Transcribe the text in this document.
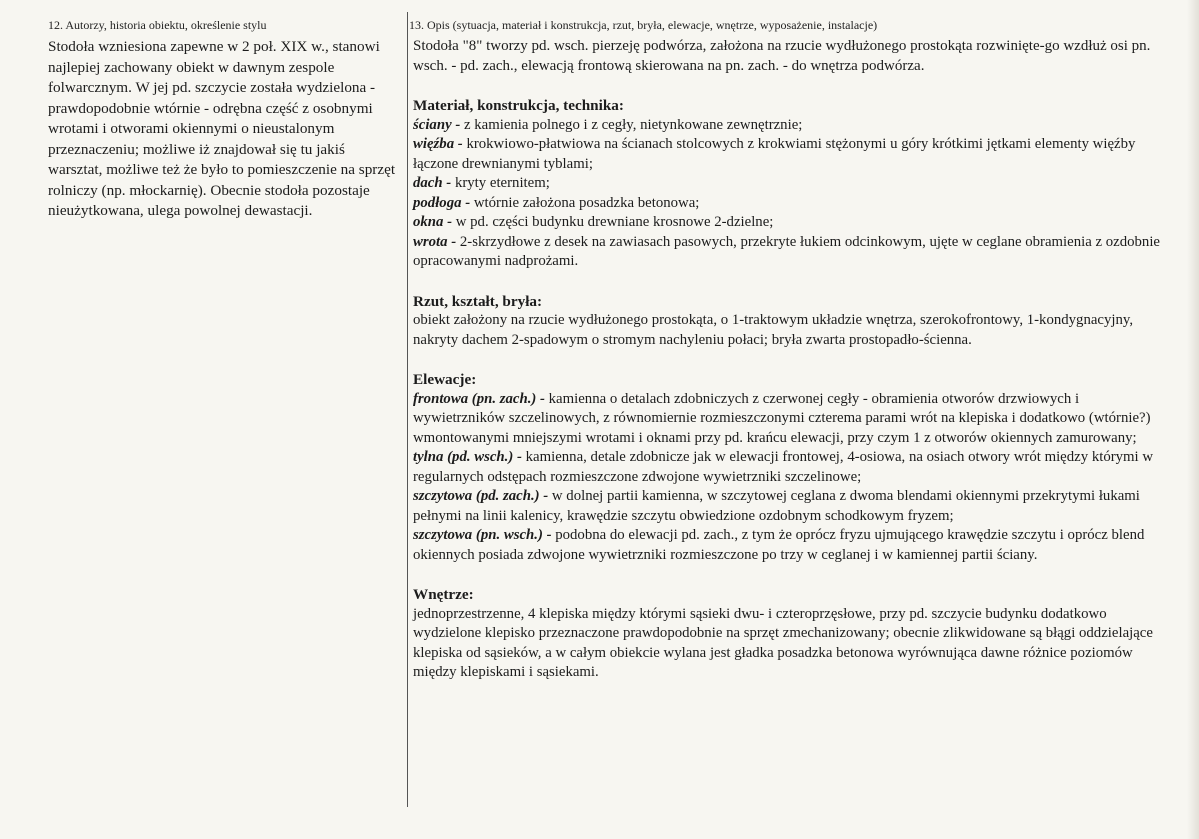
12. Autorzy, historia obiektu, określenie stylu

Stodoła wzniesiona zapewne w 2 poł. XIX w., stanowi najlepiej zachowany obiekt w dawnym zespole folwarcznym. W jej pd. szczycie została wydzielona - prawdopodobnie wtórnie - odrębna część z osobnymi wrotami i otworami okiennymi o nieustalonym przeznaczeniu; możliwe iż znajdował się tu jakiś warsztat, możliwe też że było to pomieszczenie na sprzęt rolniczy (np. młockarnię). Obecnie stodoła pozostaje nieużytkowana, ulega powolnej dewastacji.

13. Opis (sytuacja, materiał i konstrukcja, rzut, bryła, elewacje, wnętrze, wyposażenie, instalacje)

Stodoła "8" tworzy pd. wsch. pierzeję podwórza, założona na rzucie wydłużonego prostokąta rozwinięte-go wzdłuż osi pn. wsch. - pd. zach., elewacją frontową skierowana na pn. zach. - do wnętrza podwórza.

Materiał, konstrukcja, technika:

ściany - z kamienia polnego i z cegły, nietynkowane zewnętrznie;

więźba - krokwiowo-płatwiowa na ścianach stolcowych z krokwiami stężonymi u góry krótkimi jętkami elementy więźby łączone drewnianymi tyblami;

dach - kryty eternitem;

podłoga - wtórnie założona posadzka betonowa;

okna - w pd. części budynku drewniane krosnowe 2-dzielne;

wrota - 2-skrzydłowe z desek na zawiasach pasowych, przekryte łukiem odcinkowym, ujęte w ceglane obramienia z ozdobnie opracowanymi nadprożami.

Rzut, kształt, bryła:

obiekt założony na rzucie wydłużonego prostokąta, o 1-traktowym układzie wnętrza, szerokofrontowy, 1-kondygnacyjny, nakryty dachem 2-spadowym o stromym nachyleniu połaci; bryła zwarta prostopadło-ścienna.

Elewacje:

frontowa (pn. zach.) - kamienna o detalach zdobniczych z czerwonej cegły - obramienia otworów drzwiowych i wywietrzników szczelinowych, z równomiernie rozmieszczonymi czterema parami wrót na klepiska i dodatkowo (wtórnie?) wmontowanymi mniejszymi wrotami i oknami przy pd. krańcu elewacji, przy czym 1 z otworów okiennych zamurowany;

tylna (pd. wsch.) - kamienna, detale zdobnicze jak w elewacji frontowej, 4-osiowa, na osiach otwory wrót między którymi w regularnych odstępach rozmieszczone zdwojone wywietrzniki szczelinowe;

szczytowa (pd. zach.) - w dolnej partii kamienna, w szczytowej ceglana z dwoma blendami okiennymi przekrytymi łukami pełnymi na linii kalenicy, krawędzie szczytu obwiedzione ozdobnym schodkowym fryzem;

szczytowa (pn. wsch.) - podobna do elewacji pd. zach., z tym że oprócz fryzu ujmującego krawędzie szczytu i oprócz blend okiennych posiada zdwojone wywietrzniki rozmieszczone po trzy w ceglanej i w kamiennej partii ściany.

Wnętrze:

jednoprzestrzenne, 4 klepiska między którymi sąsieki dwu- i czteroprzęsłowe, przy pd. szczycie budynku dodatkowo wydzielone klepisko przeznaczone prawdopodobnie na sprzęt zmechanizowany; obecnie zlikwidowane są błągi oddzielające klepiska od sąsieków, a w całym obiekcie wylana jest gładka posadzka betonowa wyrównująca dawne różnice poziomów między klepiskami i sąsiekami.
